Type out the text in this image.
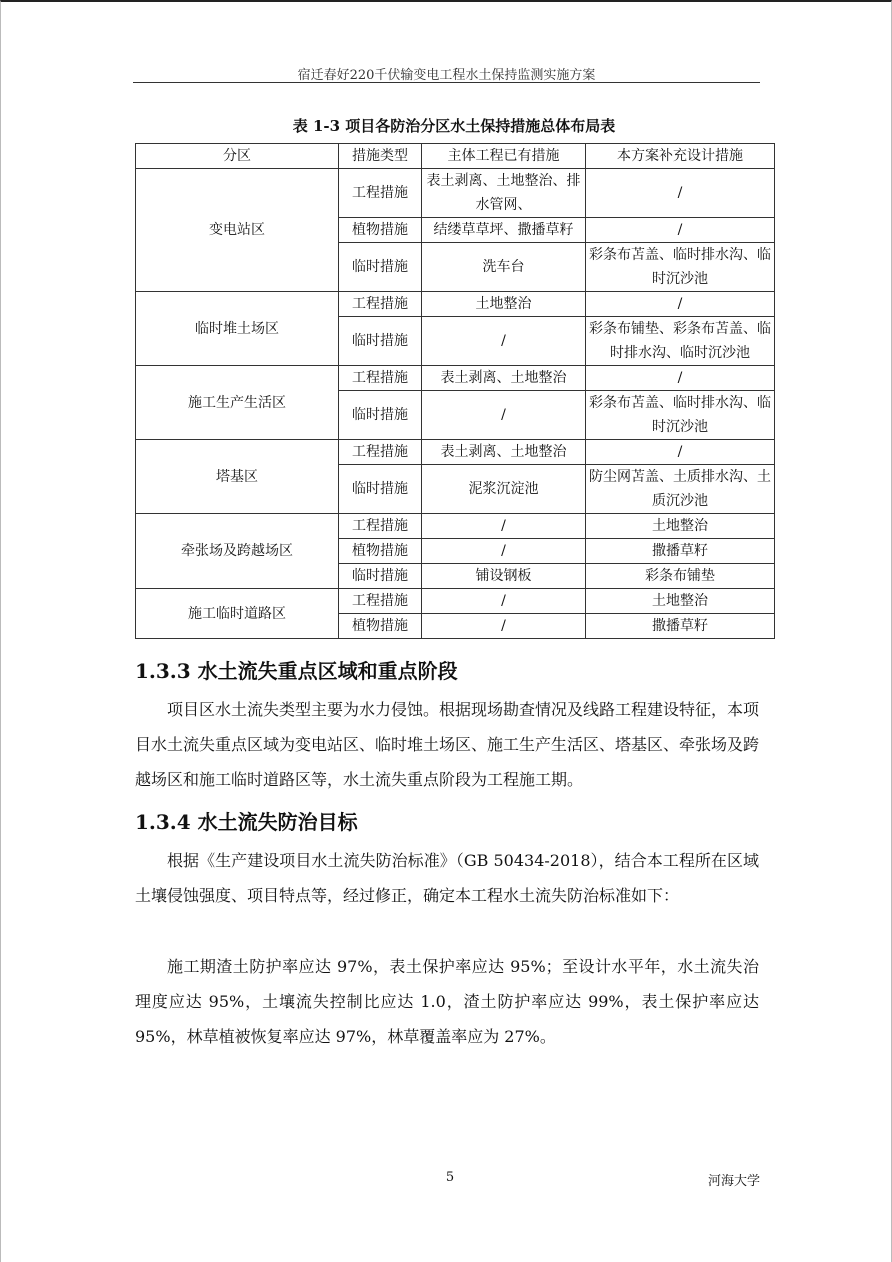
宿迁春好220千伏输变电工程水土保持监测实施方案
表 1-3 项目各防治分区水土保持措施总体布局表
分区	措施类型	主体工程已有措施	本方案补充设计措施
变电站区	工程措施	表土剥离、土地整治、排水管网、	/
	植物措施	结缕草草坪、撒播草籽	/
	临时措施	洗车台	彩条布苫盖、临时排水沟、临时沉沙池
临时堆土场区	工程措施	土地整治	/
	临时措施	/	彩条布铺垫、彩条布苫盖、临时排水沟、临时沉沙池
施工生产生活区	工程措施	表土剥离、土地整治	/
	临时措施	/	彩条布苫盖、临时排水沟、临时沉沙池
塔基区	工程措施	表土剥离、土地整治	/
	临时措施	泥浆沉淀池	防尘网苫盖、土质排水沟、土质沉沙池
牵张场及跨越场区	工程措施	/	土地整治
	植物措施	/	撒播草籽
	临时措施	铺设钢板	彩条布铺垫
施工临时道路区	工程措施	/	土地整治
	植物措施	/	撒播草籽
1.3.3 水土流失重点区域和重点阶段
项目区水土流失类型主要为水力侵蚀。根据现场勘查情况及线路工程建设特征，本项目水土流失重点区域为变电站区、临时堆土场区、施工生产生活区、塔基区、牵张场及跨越场区和施工临时道路区等，水土流失重点阶段为工程施工期。
1.3.4 水土流失防治目标
根据《生产建设项目水土流失防治标准》（GB 50434-2018），结合本工程所在区域土壤侵蚀强度、项目特点等，经过修正，确定本工程水土流失防治标准如下：
施工期渣土防护率应达 97%，表土保护率应达 95%；至设计水平年，水土流失治理度应达 95%，土壤流失控制比应达 1.0，渣土防护率应达 99%，表土保护率应达 95%，林草植被恢复率应达 97%，林草覆盖率应为 27%。
5	河海大学
